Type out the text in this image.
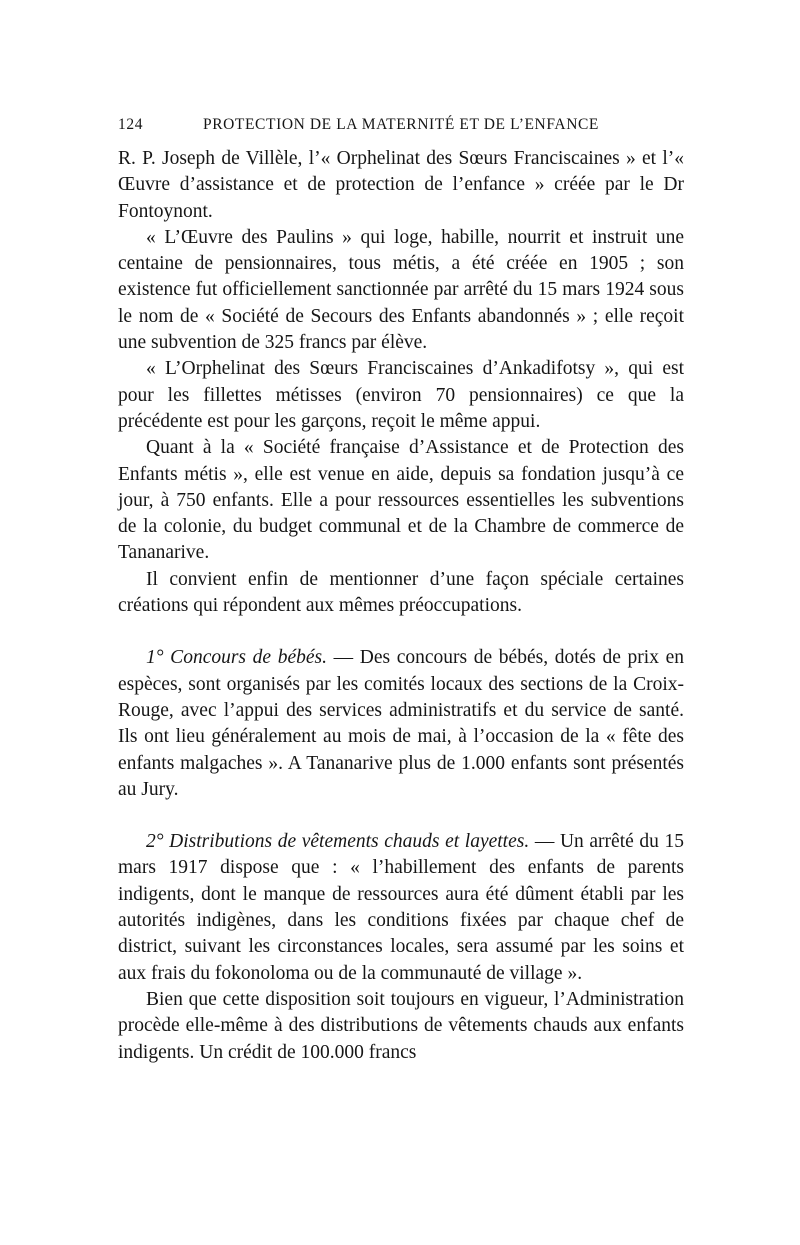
124	PROTECTION DE LA MATERNITÉ ET DE L’ENFANCE

R. P. Joseph de Villèle, l’« Orphelinat des Sœurs Franciscaines » et l’« Œuvre d’assistance et de protection de l’enfance » créée par le Dr Fontoynont.

« L’Œuvre des Paulins » qui loge, habille, nourrit et instruit une centaine de pensionnaires, tous métis, a été créée en 1905 ; son existence fut officiellement sanctionnée par arrêté du 15 mars 1924 sous le nom de « Société de Secours des Enfants abandonnés » ; elle reçoit une subvention de 325 francs par élève.

« L’Orphelinat des Sœurs Franciscaines d’Ankadifotsy », qui est pour les fillettes métisses (environ 70 pensionnaires) ce que la précédente est pour les garçons, reçoit le même appui.

Quant à la « Société française d’Assistance et de Protection des Enfants métis », elle est venue en aide, depuis sa fondation jusqu’à ce jour, à 750 enfants. Elle a pour ressources essentielles les subventions de la colonie, du budget communal et de la Chambre de commerce de Tananarive.

Il convient enfin de mentionner d’une façon spéciale certaines créations qui répondent aux mêmes préoccupations.

1° Concours de bébés. — Des concours de bébés, dotés de prix en espèces, sont organisés par les comités locaux des sections de la Croix-Rouge, avec l’appui des services administratifs et du service de santé. Ils ont lieu généralement au mois de mai, à l’occasion de la « fête des enfants malgaches ». A Tananarive plus de 1.000 enfants sont présentés au Jury.

2° Distributions de vêtements chauds et layettes. — Un arrêté du 15 mars 1917 dispose que : « l’habillement des enfants de parents indigents, dont le manque de ressources aura été dûment établi par les autorités indigènes, dans les conditions fixées par chaque chef de district, suivant les circonstances locales, sera assumé par les soins et aux frais du fokonoloma ou de la communauté de village ».

Bien que cette disposition soit toujours en vigueur, l’Administration procède elle-même à des distributions de vêtements chauds aux enfants indigents. Un crédit de 100.000 francs
